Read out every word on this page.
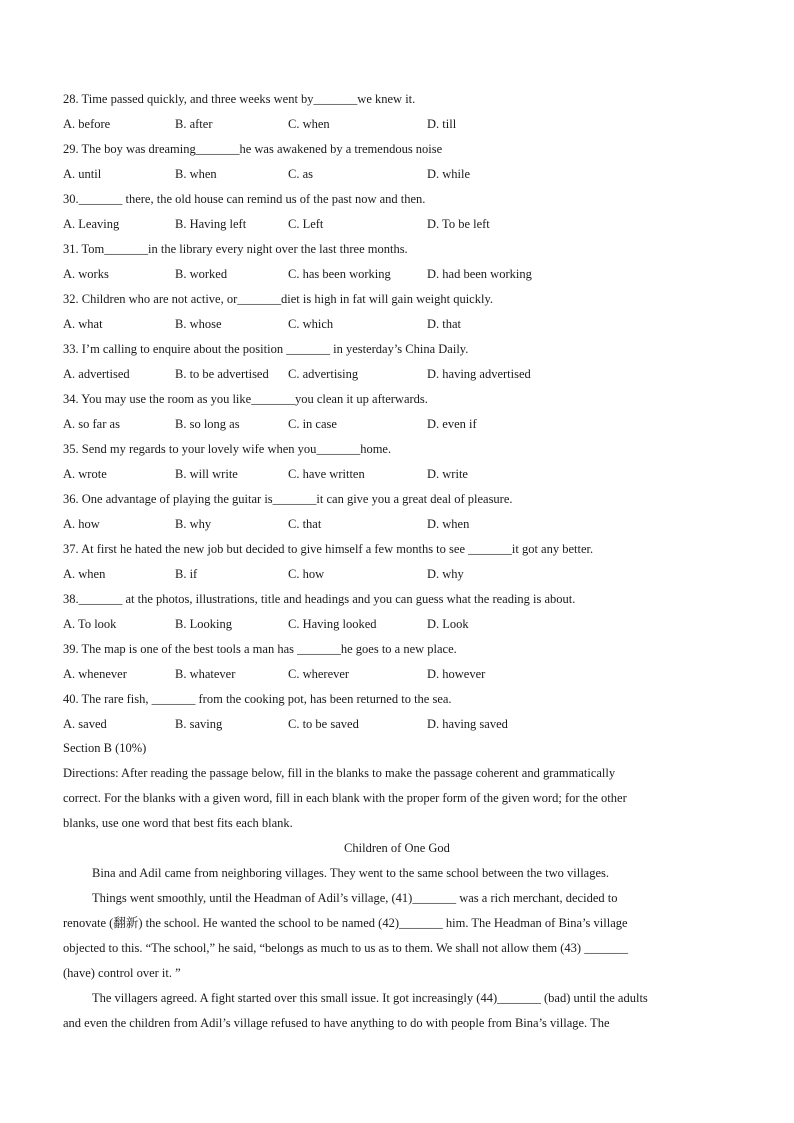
28. Time passed quickly, and three weeks went by_______we knew it.
A. before	B. after	C. when	D. till
29. The boy was dreaming_______he was awakened by a tremendous noise
A. until	B. when	C. as	D. while
30._______ there, the old house can remind us of the past now and then.
A. Leaving	B. Having left	C. Left	D. To be left
31. Tom_______in the library every night over the last three months.
A. works	B. worked	C. has been working	D. had been working
32. Children who are not active, or_______diet is high in fat will gain weight quickly.
A. what	B. whose	C. which	D. that
33. I’m calling to enquire about the position _______ in yesterday’s China Daily.
A. advertised	B. to be advertised C. advertising	D. having advertised
34. You may use the room as you like_______you clean it up afterwards.
A. so far as	B. so long as	C. in case	D. even if
35. Send my regards to your lovely wife when you_______home.
A. wrote	B. will write	C. have written	D. write
36. One advantage of playing the guitar is_______it can give you a great deal of pleasure.
A. how	B. why	C. that	D. when
37. At first he hated the new job but decided to give himself a few months to see _______it got any better.
A. when	B. if	C. how	D. why
38._______ at the photos, illustrations, title and headings and you can guess what the reading is about.
A. To look	B. Looking	C. Having looked	D. Look
39. The map is one of the best tools a man has _______he goes to a new place.
A. whenever	B. whatever	C. wherever	D. however
40. The rare fish, _______ from the cooking pot, has been returned to the sea.
A. saved	B. saving	C. to be saved	D. having saved
Section B (10%)
Directions: After reading the passage below, fill in the blanks to make the passage coherent and grammatically
correct. For the blanks with a given word, fill in each blank with the proper form of the given word; for the other
blanks, use one word that best fits each blank.
Children of One God
Bina and Adil came from neighboring villages. They went to the same school between the two villages.
Things went smoothly, until the Headman of Adil’s village, (41)_______ was a rich merchant, decided to
renovate (翻新) the school. He wanted the school to be named (42)_______ him. The Headman of Bina’s village
objected to this. “The school,” he said, “belongs as much to us as to them. We shall not allow them (43) _______
(have) control over it. ”
The villagers agreed. A fight started over this small issue. It got increasingly (44)_______ (bad) until the adults
and even the children from Adil’s village refused to have anything to do with people from Bina’s village. The
